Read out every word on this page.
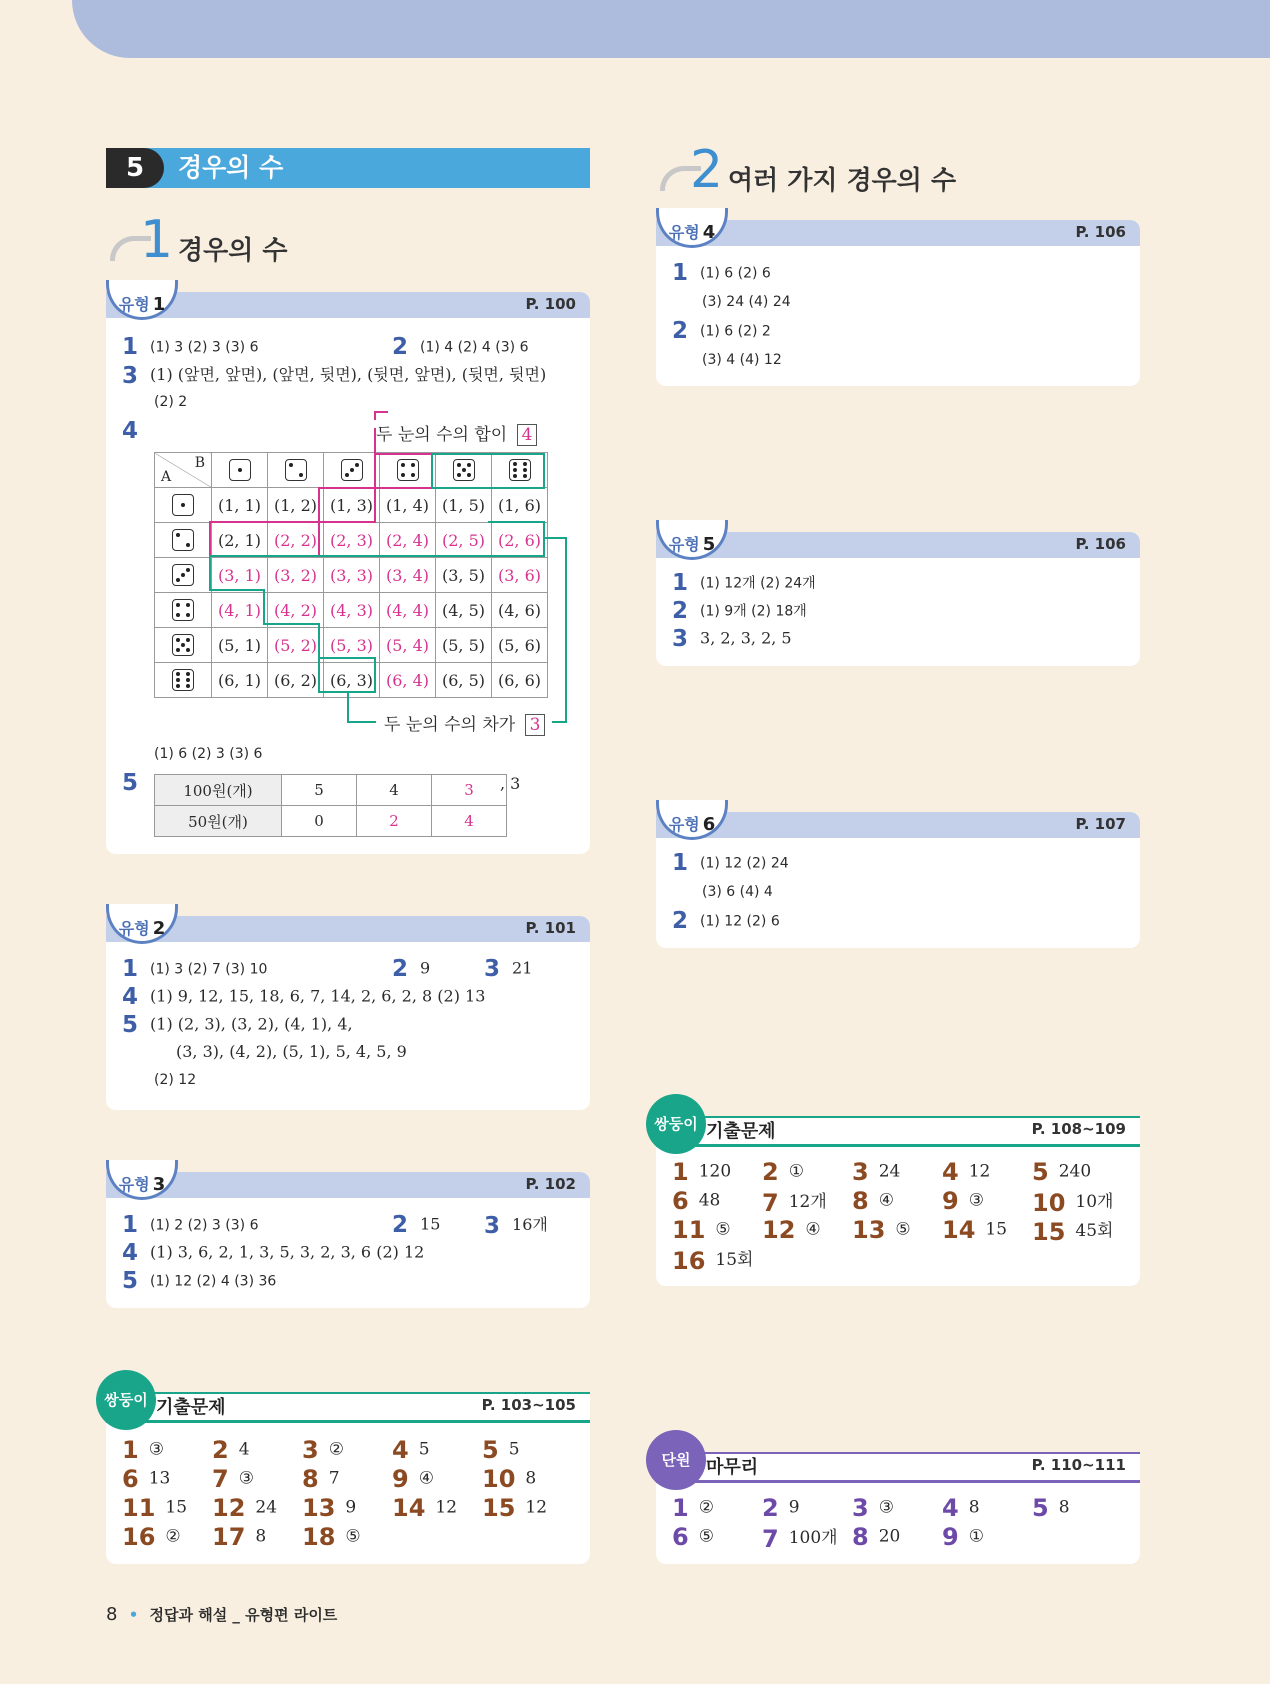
5	경우의 수
1 경우의 수
2 여러 가지 경우의 수
유형 1	P. 100
1 (1) 3 (2) 3 (3) 6	2 (1) 4 (2) 4 (3) 6
3 (1) (앞면, 앞면), (앞면, 뒷면), (뒷면, 앞면), (뒷면, 뒷면)
(2) 2
4	두 눈의 수의 합이 4
A
B						

	(1, 1)	(1, 2)	(1, 3)	(1, 4)	(1, 5)	(1, 6)

	(2, 1)	(2, 2)	(2, 3)	(2, 4)	(2, 5)	(2, 6)

	(3, 1)	(3, 2)	(3, 3)	(3, 4)	(3, 5)	(3, 6)

	(4, 1)	(4, 2)	(4, 3)	(4, 4)	(4, 5)	(4, 6)

	(5, 1)	(5, 2)	(5, 3)	(5, 4)	(5, 5)	(5, 6)

	(6, 1)	(6, 2)	(6, 3)	(6, 4)	(6, 5)	(6, 6)
두 눈의 수의 차가 3
(1) 6 (2) 3 (3) 6
5	100원(개)	5	4	3
50원(개)	0	2	4
, 3
유형 2	P. 101
1 (1) 3 (2) 7 (3) 10	2 9 3 21
4 (1) 9, 12, 15, 18, 6, 7, 14, 2, 6, 2, 8 (2) 13
5 (1) (2, 3), (3, 2), (4, 1), 4,
(3, 3), (4, 2), (5, 1), 5, 4, 5, 9
(2) 12
유형 3	P. 102
1 (1) 2 (2) 3 (3) 6	2 15 3 16개
4 (1) 3, 6, 2, 1, 3, 5, 3, 2, 3, 6 (2) 12
5 (1) 12 (2) 4 (3) 36
쌍둥이 기출문제	P. 103~105
1 ③ 2 4 3 ② 4 5 5 5
6 13 7 ③ 8 7 9 ④ 10 8
11 15 12 24 13 9 14 12 15 12
16 ② 17 8 18 ⑤
유형 4	P. 106
1 (1) 6 (2) 6
(3) 24 (4) 24
2 (1) 6 (2) 2
(3) 4 (4) 12
유형 5	P. 106
1 (1) 12개 (2) 24개
2 (1) 9개 (2) 18개
3 3, 2, 3, 2, 5
유형 6	P. 107
1 (1) 12 (2) 24
(3) 6 (4) 4
2 (1) 12 (2) 6
쌍둥이 기출문제	P. 108~109
1 120 2 ① 3 24 4 12 5 240
6 48 7 12개 8 ④ 9 ③ 10 10개
11 ⑤ 12 ④ 13 ⑤ 14 15 15 45회
16 15회
단원 마무리	P. 110~111
1 ② 2 9 3 ③ 4 8 5 8
6 ⑤ 7 100개 8 20 9 ①
8 • 정답과 해설 _ 유형편 라이트
